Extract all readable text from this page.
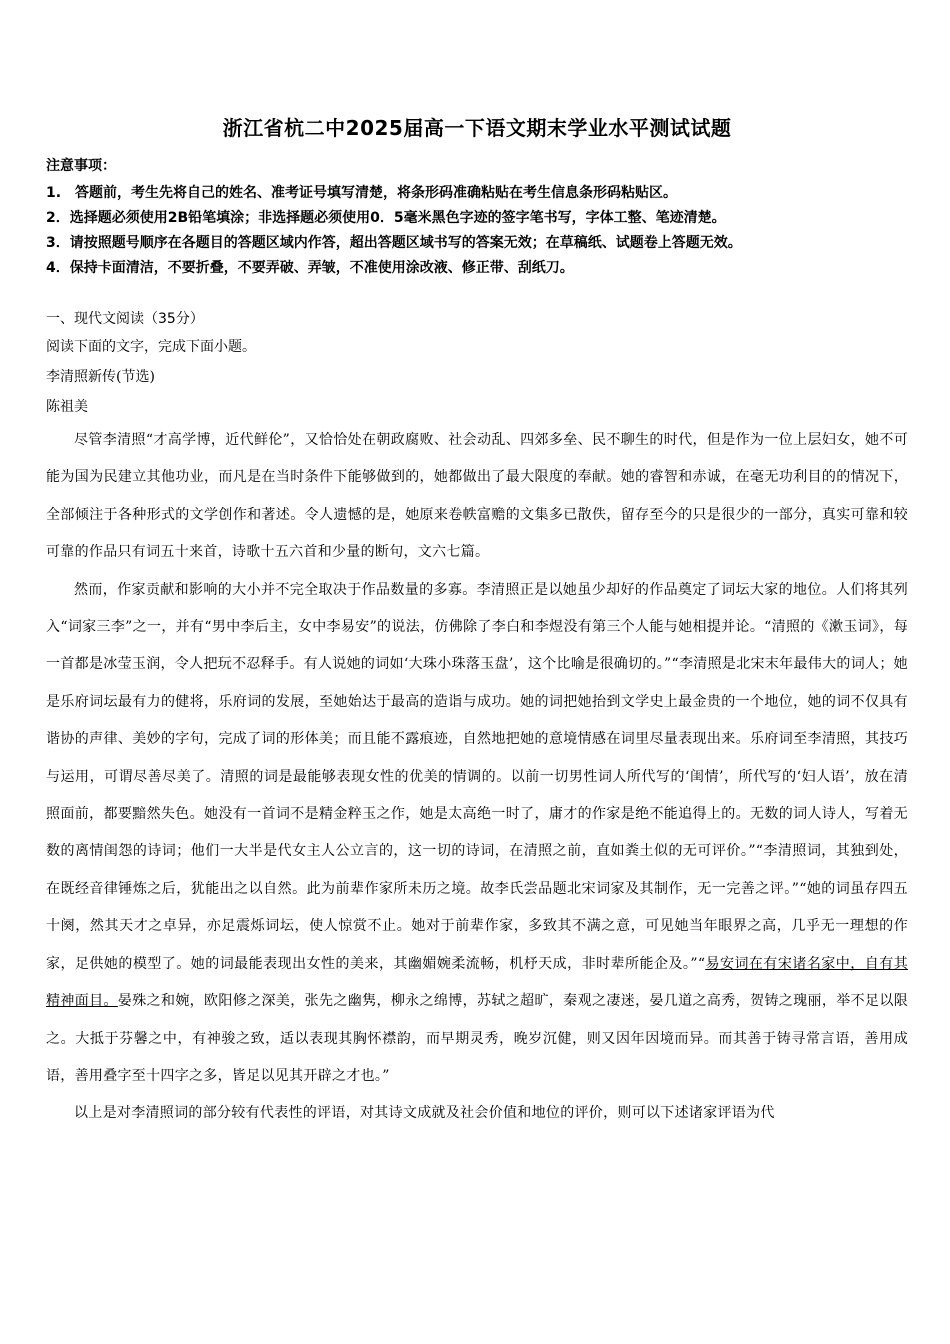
浙江省杭二中2025届高一下语文期末学业水平测试试题

注意事项：

1.　答题前，考生先将自己的姓名、准考证号填写清楚，将条形码准确粘贴在考生信息条形码粘贴区。

2．选择题必须使用2B铅笔填涂；非选择题必须使用0．5毫米黑色字迹的签字笔书写，字体工整、笔迹清楚。

3．请按照题号顺序在各题目的答题区域内作答，超出答题区域书写的答案无效；在草稿纸、试题卷上答题无效。

4．保持卡面清洁，不要折叠，不要弄破、弄皱，不准使用涂改液、修正带、刮纸刀。

一、现代文阅读（35分）

阅读下面的文字，完成下面小题。

李清照新传(节选)

陈祖美

尽管李清照“才高学博，近代鲜伦”，又恰恰处在朝政腐败、社会动乱、四郊多垒、民不聊生的时代，但是作为一位上层妇女，她不可能为国为民建立其他功业，而凡是在当时条件下能够做到的，她都做出了最大限度的奉献。她的睿智和赤诚，在毫无功利目的的情况下，全部倾注于各种形式的文学创作和著述。令人遗憾的是，她原来卷帙富赡的文集多已散佚，留存至今的只是很少的一部分，真实可靠和较可靠的作品只有词五十来首，诗歌十五六首和少量的断句，文六七篇。

然而，作家贡献和影响的大小并不完全取决于作品数量的多寡。李清照正是以她虽少却好的作品奠定了词坛大家的地位。人们将其列入“词家三李”之一，并有“男中李后主，女中李易安”的说法，仿佛除了李白和李煜没有第三个人能与她相提并论。“清照的《漱玉词》，每一首都是冰莹玉润，令人把玩不忍释手。有人说她的词如‘大珠小珠落玉盘’，这个比喻是很确切的。”“李清照是北宋末年最伟大的词人；她是乐府词坛最有力的健将，乐府词的发展，至她始达于最高的造诣与成功。她的词把她抬到文学史上最金贵的一个地位，她的词不仅具有谐协的声律、美妙的字句，完成了词的形体美；而且能不露痕迹，自然地把她的意境情感在词里尽量表现出来。乐府词至李清照，其技巧与运用，可谓尽善尽美了。清照的词是最能够表现女性的优美的情调的。以前一切男性词人所代写的‘闺情’，所代写的‘妇人语’，放在清照面前，都要黯然失色。她没有一首词不是精金粹玉之作，她是太高绝一时了，庸才的作家是绝不能追得上的。无数的词人诗人，写着无数的离情闺怨的诗词；他们一大半是代女主人公立言的，这一切的诗词，在清照之前，直如粪土似的无可评价。”“李清照词，其独到处，在既经音律锤炼之后，犹能出之以自然。此为前辈作家所未历之境。故李氏尝品题北宋词家及其制作，无一完善之评。”“她的词虽存四五十阕，然其天才之卓异，亦足震烁词坛，使人惊赏不止。她对于前辈作家，多致其不满之意，可见她当年眼界之高，几乎无一理想的作家，足供她的模型了。她的词最能表现出女性的美来，其幽媚婉柔流畅，机杼天成，非时辈所能企及。”“易安词在有宋诸名家中，自有其精神面目。晏殊之和婉，欧阳修之深美，张先之幽隽，柳永之绵博，苏轼之超旷，秦观之凄迷，晏几道之高秀，贺铸之瑰丽，举不足以限之。大抵于芬馨之中，有神骏之致，适以表现其胸怀襟韵，而早期灵秀，晚岁沉健，则又因年因境而异。而其善于铸寻常言语，善用成语，善用叠字至十四字之多，皆足以见其开辟之才也。”

以上是对李清照词的部分较有代表性的评语，对其诗文成就及社会价值和地位的评价，则可以下述诸家评语为代
